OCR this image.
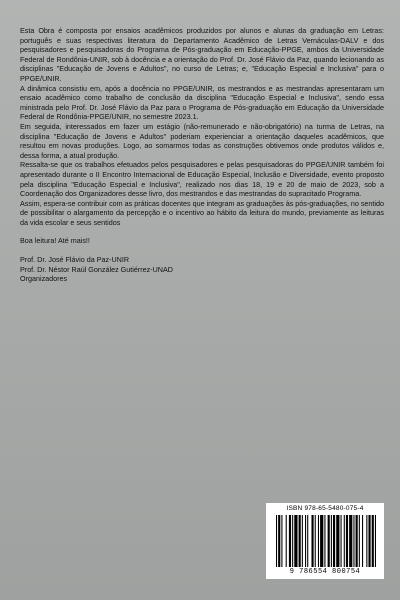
Esta Obra é composta por ensaios acadêmicos produzidos por alunos e alunas da graduação em Letras: português e suas respectivas literatura do Departamento Acadêmico de Letras Vernáculas-DALV e dos pesquisadores e pesquisadoras do Programa de Pós-graduação em Educação-PPGE, ambos da Universidade Federal de Rondônia-UNIR, sob à docência e a orientação do Prof. Dr. José Flávio da Paz, quando lecionando as disciplinas "Educação de Jovens e Adultos", no curso de Letras; e, "Educação Especial e Inclusiva" para o PPGE/UNIR.

A dinâmica consistiu em, após a docência no PPGE/UNIR, os mestrandos e as mestrandas apresentaram um ensaio acadêmico como trabalho de conclusão da disciplina "Educação Especial e Inclusiva", sendo essa ministrada pelo Prof. Dr. José Flávio da Paz para o Programa de Pós-graduação em Educação da Universidade Federal de Rondônia-PPGE/UNIR, no semestre 2023.1.

Em seguida, interessados em fazer um estágio (não-remunerado e não-obrigatório) na turma de Letras, na disciplina "Educação de Jovens e Adultos" poderiam experienciar a orientação daqueles acadêmicos, que resultou em novas produções. Logo, ao somarmos todas as construções obtivemos onde produtos válidos e, dessa forma, a atual produção.

Ressalta-se que os trabalhos efetuados pelos pesquisadores e pelas pesquisadoras do PPGE/UNIR também foi apresentado durante o II Encontro Internacional de Educação Especial, Inclusão e Diversidade, evento proposto pela disciplina "Educação Especial e Inclusiva", realizado nos dias 18, 19 e 20 de maio de 2023, sob a Coordenação dos Organizadores desse livro, dos mestrandos e das mestrandas do supracitado Programa.

Assim, espera-se contribuir com as práticas docentes que integram as graduações às pós-graduações, no sentido de possibilitar o alargamento da percepção e o incentivo ao hábito da leitura do mundo, previamente as leituras da vida escolar e seus sentidos

Boa leitura! Até mais!!

Prof. Dr. José Flávio da Paz-UNIR

Prof. Dr. Néstor Raúl González Gutiérrez-UNAD

Organizadores

ISBN 978-65-5480-075-4
9 786554 800754
